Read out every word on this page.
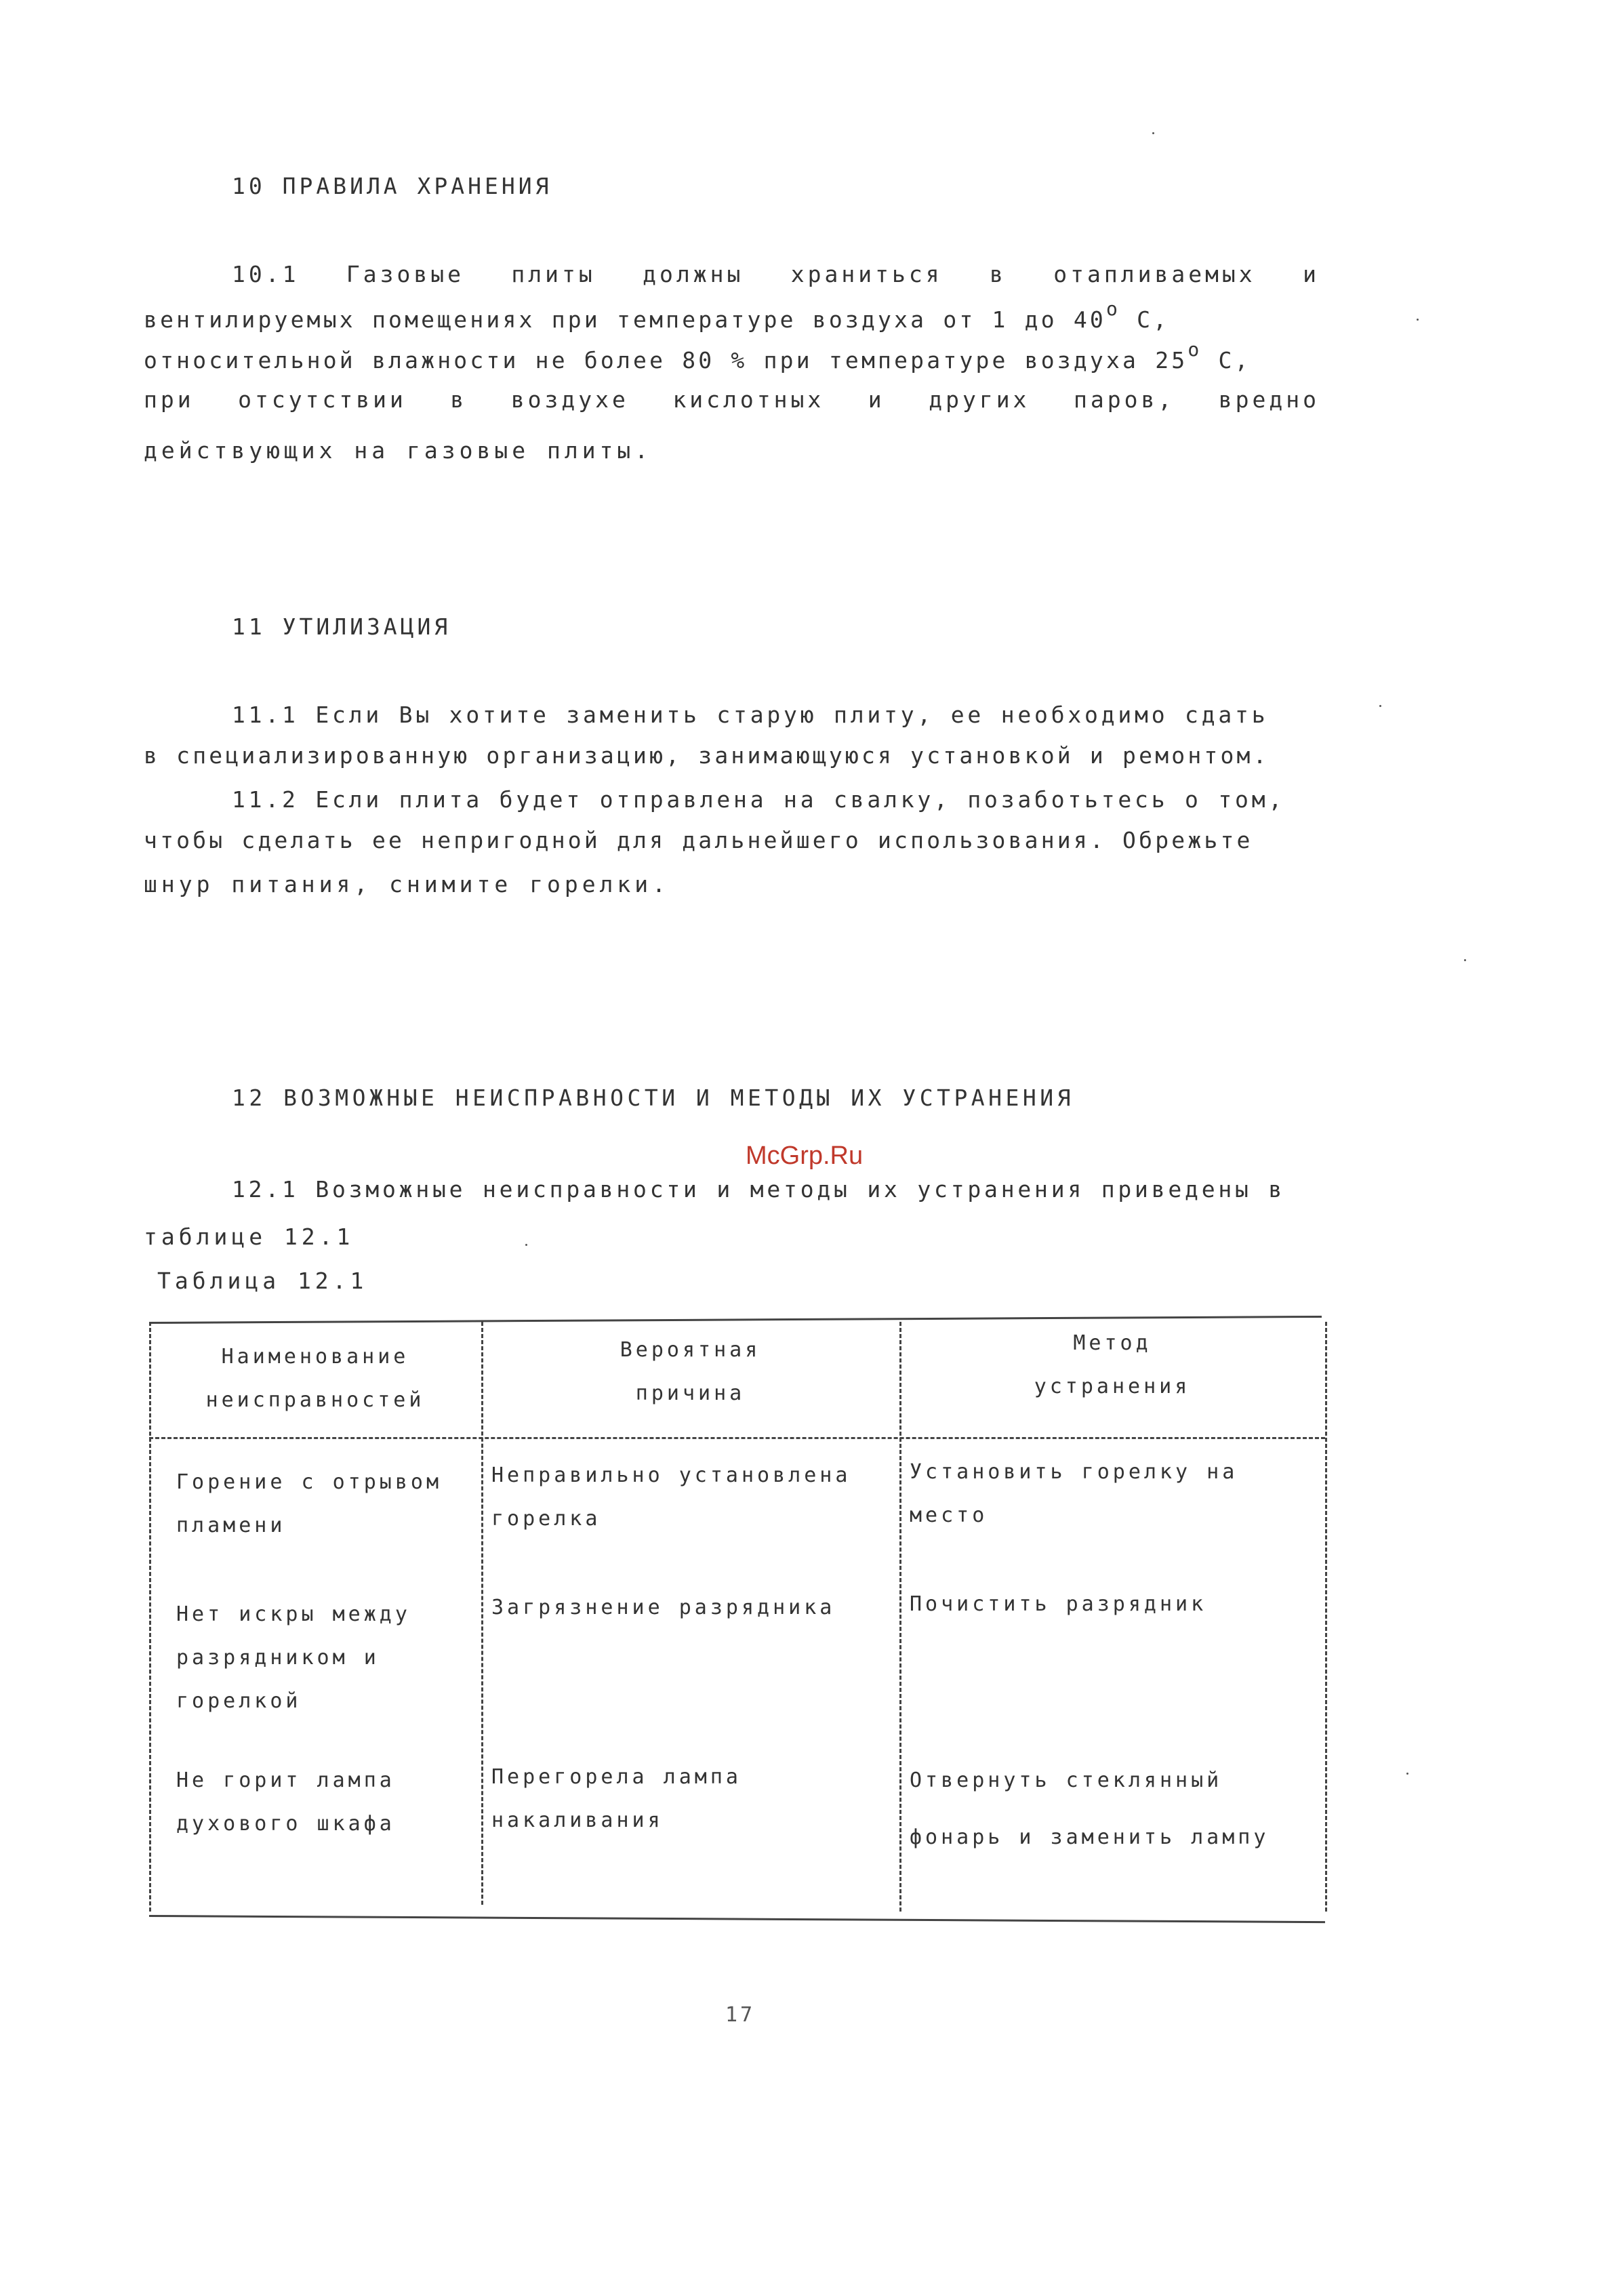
10 ПРАВИЛА ХРАНЕНИЯ
10.1 Газовые плиты должны храниться в отапливаемых и
вентилируемых помещениях при температуре воздуха от 1 до $40^о$ С,
относительной влажности не более 80 % при температуре воздуха $25^о$ С,
при отсутствии в воздухе кислотных и других паров, вредно
действующих на газовые плиты.
11 УТИЛИЗАЦИЯ
11.1 Если Вы хотите заменить старую плиту, ее необходимо сдать
в специализированную организацию, занимающуюся установкой и ремонтом.
11.2 Если плита будет отправлена на свалку, позаботьтесь о том,
чтобы сделать ее непригодной для дальнейшего использования. Обрежьте
шнур питания, снимите горелки.
12 ВОЗМОЖНЫЕ НЕИСПРАВНОСТИ И МЕТОДЫ ИХ УСТРАНЕНИЯ
McGrp.Ru
12.1 Возможные неисправности и методы их устранения приведены в
таблице 12.1
Таблица 12.1
Наименование
неисправностей
Вероятная
причина
Метод
устранения
Горение с отрывом
пламени
Неправильно установлена
горелка
Установить горелку на
место
Нет искры между
разрядником и
горелкой
Загрязнение разрядника	Почистить разрядник
Не горит лампа
духового шкафа
Перегорела лампа
накаливания
Отвернуть стеклянный
фонарь и заменить лампу
17
